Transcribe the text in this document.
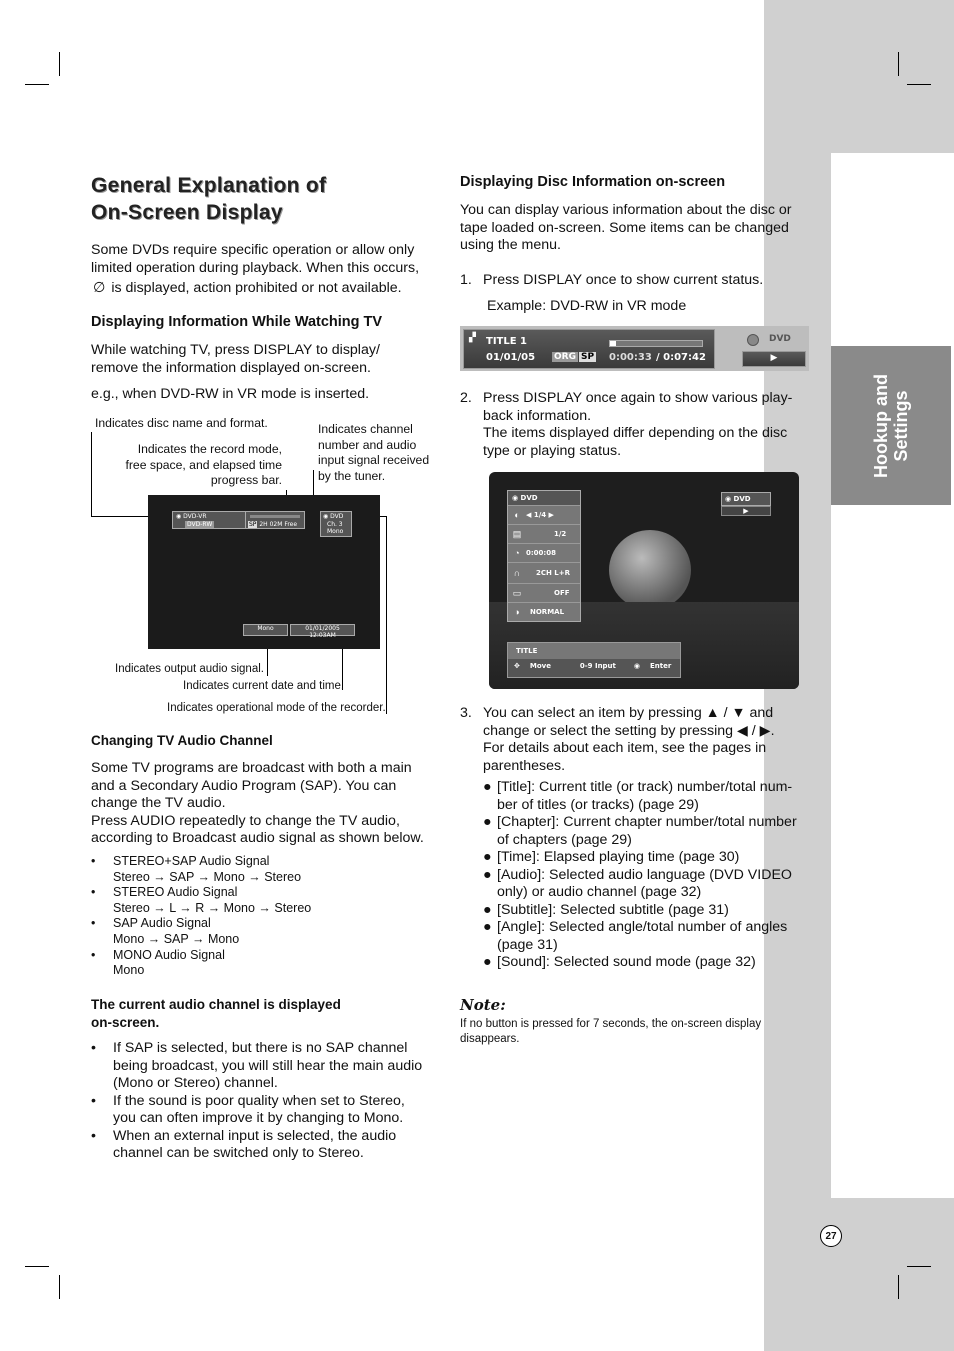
Hookup and
Settings
General Explanation of
On-Screen Display
Some DVDs require specific operation or allow only
limited operation during playback. When this occurs,
∅ is displayed, action prohibited or not available.
Displaying Information While Watching TV
While watching TV, press DISPLAY to display/
remove the information displayed on-screen.
e.g., when DVD-RW in VR mode is inserted.
Indicates disc name and format.
Indicates the record mode,
free space, and elapsed time
progress bar.
Indicates channel
number and audio
input signal received
by the tuner.
◉ DVD-VR
DVD-RW	SP 2H 02M Free
◉ DVD
Ch. 3
Mono
Mono	01/01/2005 12:03AM
Indicates output audio signal.
Indicates current date and time.
Indicates operational mode of the recorder.
Changing TV Audio Channel
Some TV programs are broadcast with both a main
and a Secondary Audio Program (SAP). You can
change the TV audio.
Press AUDIO repeatedly to change the TV audio,
according to Broadcast audio signal as shown below.
•	STEREO+SAP Audio Signal
Stereo → SAP → Mono → Stereo
•	STEREO Audio Signal
Stereo → L → R → Mono → Stereo
•	SAP Audio Signal
Mono → SAP → Mono
•	MONO Audio Signal
Mono
The current audio channel is displayed
on-screen.
•	If SAP is selected, but there is no SAP channel
being broadcast, you will still hear the main audio
(Mono or Stereo) channel.
•	If the sound is poor quality when set to Stereo,
you can often improve it by changing to Mono.
•	When an external input is selected, the audio
channel can be switched only to Stereo.
Displaying Disc Information on-screen
You can display various information about the disc or
tape loaded on-screen. Some items can be changed
using the menu.
1. Press DISPLAY once to show current status.
Example: DVD-RW in VR mode
▞ TITLE 1
01/01/05 ORG SP 0:00:33 / 0:07:42
DVD
▶
2. Press DISPLAY once again to show various play-
back information.
The items displayed differ depending on the disc
type or playing status.
◉ DVD
◐ ◀ 1/4 ▶
▤	1/2
◔ 0:00:08
∩	2CH L+R
▭	OFF
◑	NORMAL
◉ DVD
▶
TITLE
✥ Move	0-9 Input	◉ Enter
3. You can select an item by pressing ▲ / ▼ and
change or select the setting by pressing ◀ / ▶.
For details about each item, see the pages in
parentheses.
● [Title]: Current title (or track) number/total num-
ber of titles (or tracks) (page 29)
● [Chapter]: Current chapter number/total number
of chapters (page 29)
● [Time]: Elapsed playing time (page 30)
● [Audio]: Selected audio language (DVD VIDEO
only) or audio channel (page 32)
● [Subtitle]: Selected subtitle (page 31)
● [Angle]: Selected angle/total number of angles
(page 31)
● [Sound]: Selected sound mode (page 32)
Note:
If no button is pressed for 7 seconds, the on-screen display
disappears.
27
